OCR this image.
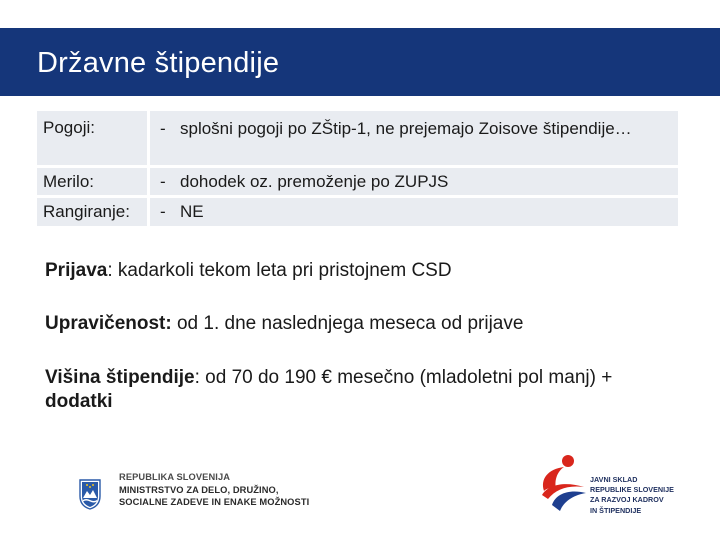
Državne štipendije
Pogoji:	- splošni pogoji po ZŠtip-1, ne prejemajo Zoisove štipendije…
Merilo:	- dohodek oz. premoženje po ZUPJS
Rangiranje:	- NE
Prijava: kadarkoli tekom leta pri pristojnem CSD
Upravičenost: od 1. dne naslednjega meseca od prijave
Višina štipendije: od 70 do 190 € mesečno (mladoletni pol manj) + dodatki
REPUBLIKA SLOVENIJA
MINISTRSTVO ZA DELO, DRUŽINO,
SOCIALNE ZADEVE IN ENAKE MOŽNOSTI
JAVNI SKLAD
REPUBLIKE SLOVENIJE
ZA RAZVOJ KADROV
IN ŠTIPENDIJE
